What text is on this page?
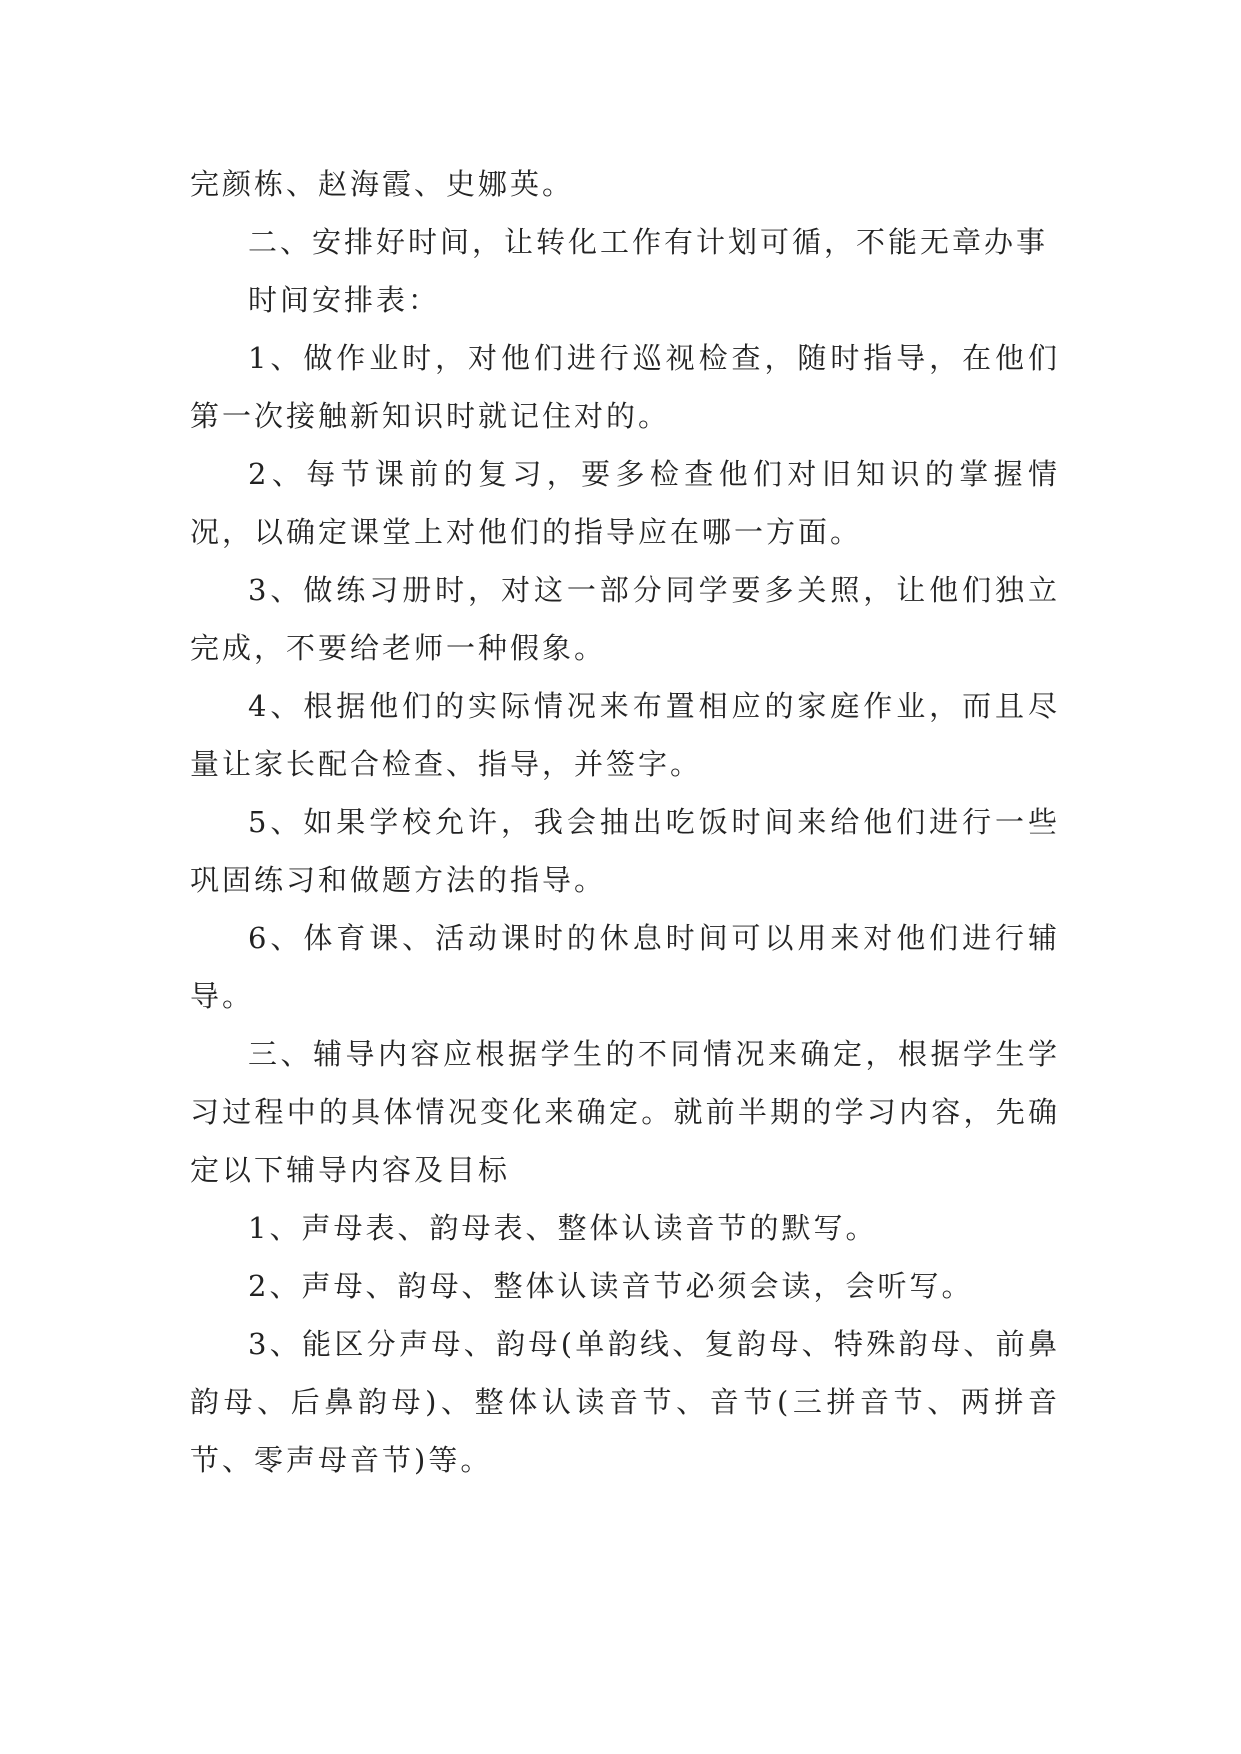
完颜栋、赵海霞、史娜英。

二、安排好时间，让转化工作有计划可循，不能无章办事

时间安排表：

1、做作业时，对他们进行巡视检查，随时指导，在他们第一次接触新知识时就记住对的。

2、每节课前的复习，要多检查他们对旧知识的掌握情况，以确定课堂上对他们的指导应在哪一方面。

3、做练习册时，对这一部分同学要多关照，让他们独立完成，不要给老师一种假象。

4、根据他们的实际情况来布置相应的家庭作业，而且尽量让家长配合检查、指导，并签字。

5、如果学校允许，我会抽出吃饭时间来给他们进行一些巩固练习和做题方法的指导。

6、体育课、活动课时的休息时间可以用来对他们进行辅导。

三、辅导内容应根据学生的不同情况来确定，根据学生学习过程中的具体情况变化来确定。就前半期的学习内容，先确定以下辅导内容及目标

1、声母表、韵母表、整体认读音节的默写。

2、声母、韵母、整体认读音节必须会读，会听写。

3、能区分声母、韵母(单韵线、复韵母、特殊韵母、前鼻韵母、后鼻韵母)、整体认读音节、音节(三拼音节、两拼音节、零声母音节)等。
